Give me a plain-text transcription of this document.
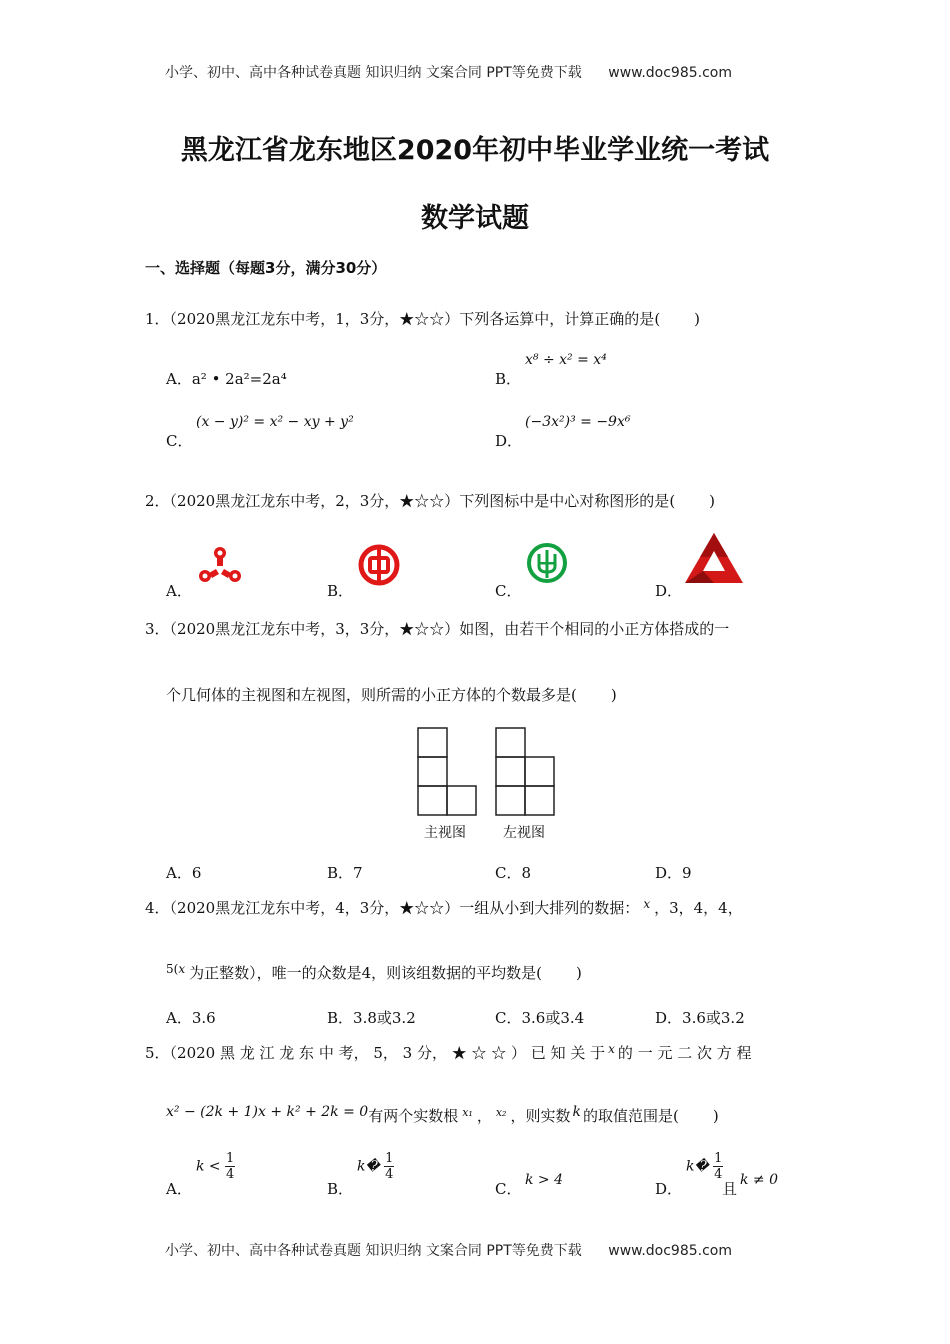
小学、初中、高中各种试卷真题 知识归纳 文案合同 PPT等免费下载 www.doc985.com
黑龙江省龙东地区2020年初中毕业学业统一考试
数学试题
一、选择题（每题3分，满分30分）
1．（2020黑龙江龙东中考，1，3分，★☆☆）下列各运算中，计算正确的是( )
A．a² • 2a²=2a⁴
x⁸ ÷ x² = x⁴
B．
(x − y)² = x² − xy + y²
C．
(−3x²)³ = −9x⁶
D．
2．（2020黑龙江龙东中考，2，3分，★☆☆）下列图标中是中心对称图形的是( )
A．	B．	C．	D．
3．（2020黑龙江龙东中考，3，3分，★☆☆）如图，由若干个相同的小正方体搭成的一
个几何体的主视图和左视图，则所需的小正方体的个数最多是( )
主视图	左视图
A．6	B．7	C．8	D．9
4．（2020黑龙江龙东中考，4，3分，★☆☆）一组从小到大排列的数据： $^x$ ，3，4，4，
$^{5(x}$ 为正整数），唯一的众数是4，则该组数据的平均数是( )
A．3.6	B．3.8或3.2	C．3.6或3.4	D．3.6或3.2
5．（2020 黑 龙 江 龙 东 中 考， 5， 3 分， ★ ☆ ☆ ） 已 知 关 于 $^x$ 的 一 元 二 次 方 程
x² − (2k + 1)x + k² + 2k = 0有两个实数根 $^{x_1}$ ， $^{x_2}$ ，则实数 k 的取值范围是( )
A．
$k < \frac{1}{4}$
B．
k� $\frac{1}{4}$
C． k > 4	D．
k� $\frac{1}{4}$
且 k ≠ 0
小学、初中、高中各种试卷真题 知识归纳 文案合同 PPT等免费下载 www.doc985.com
